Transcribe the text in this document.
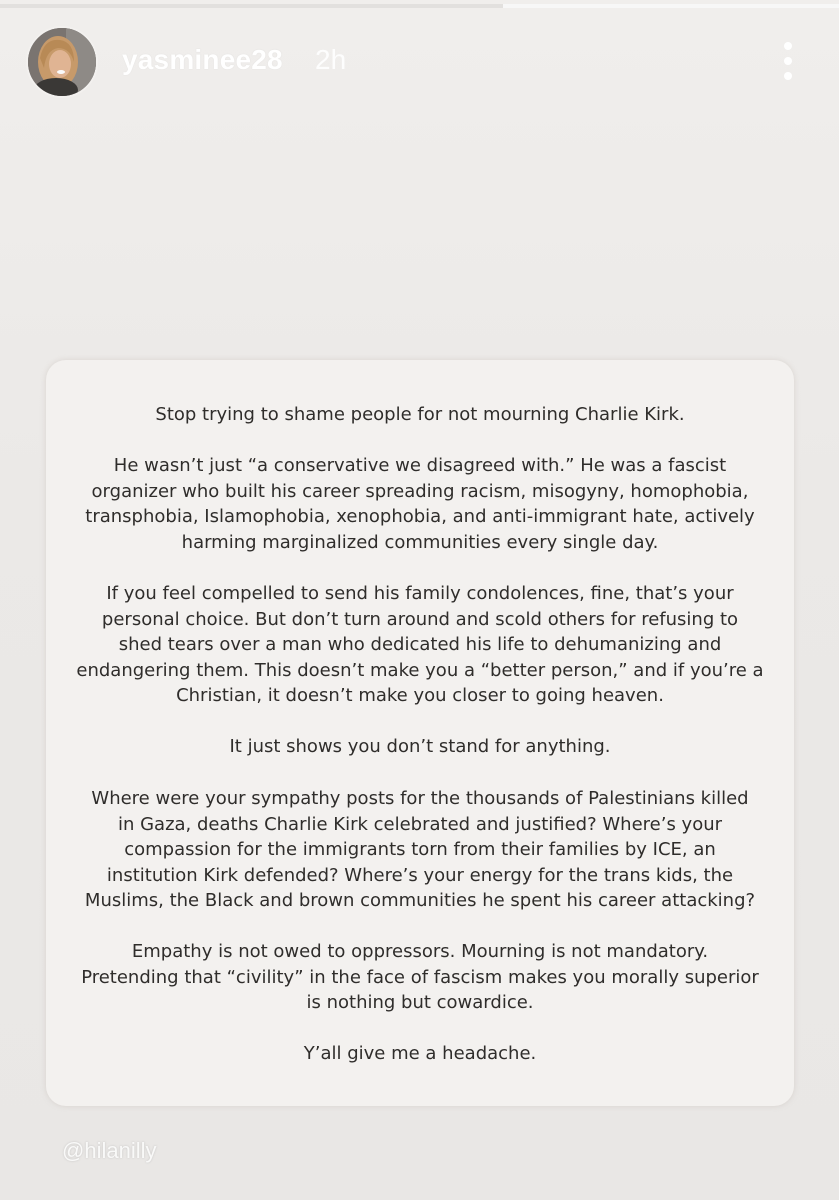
yasminee28 2h

Stop trying to shame people for not mourning Charlie Kirk.

He wasn’t just “a conservative we disagreed with.” He was a fascist
organizer who built his career spreading racism, misogyny, homophobia,
transphobia, Islamophobia, xenophobia, and anti-immigrant hate, actively
harming marginalized communities every single day.

If you feel compelled to send his family condolences, fine, that’s your
personal choice. But don’t turn around and scold others for refusing to
shed tears over a man who dedicated his life to dehumanizing and
endangering them. This doesn’t make you a “better person,” and if you’re a
Christian, it doesn’t make you closer to going heaven.

It just shows you don’t stand for anything.

Where were your sympathy posts for the thousands of Palestinians killed
in Gaza, deaths Charlie Kirk celebrated and justified? Where’s your
compassion for the immigrants torn from their families by ICE, an
institution Kirk defended? Where’s your energy for the trans kids, the
Muslims, the Black and brown communities he spent his career attacking?

Empathy is not owed to oppressors. Mourning is not mandatory.
Pretending that “civility” in the face of fascism makes you morally superior
is nothing but cowardice.

Y’all give me a headache.

@hilanilly
